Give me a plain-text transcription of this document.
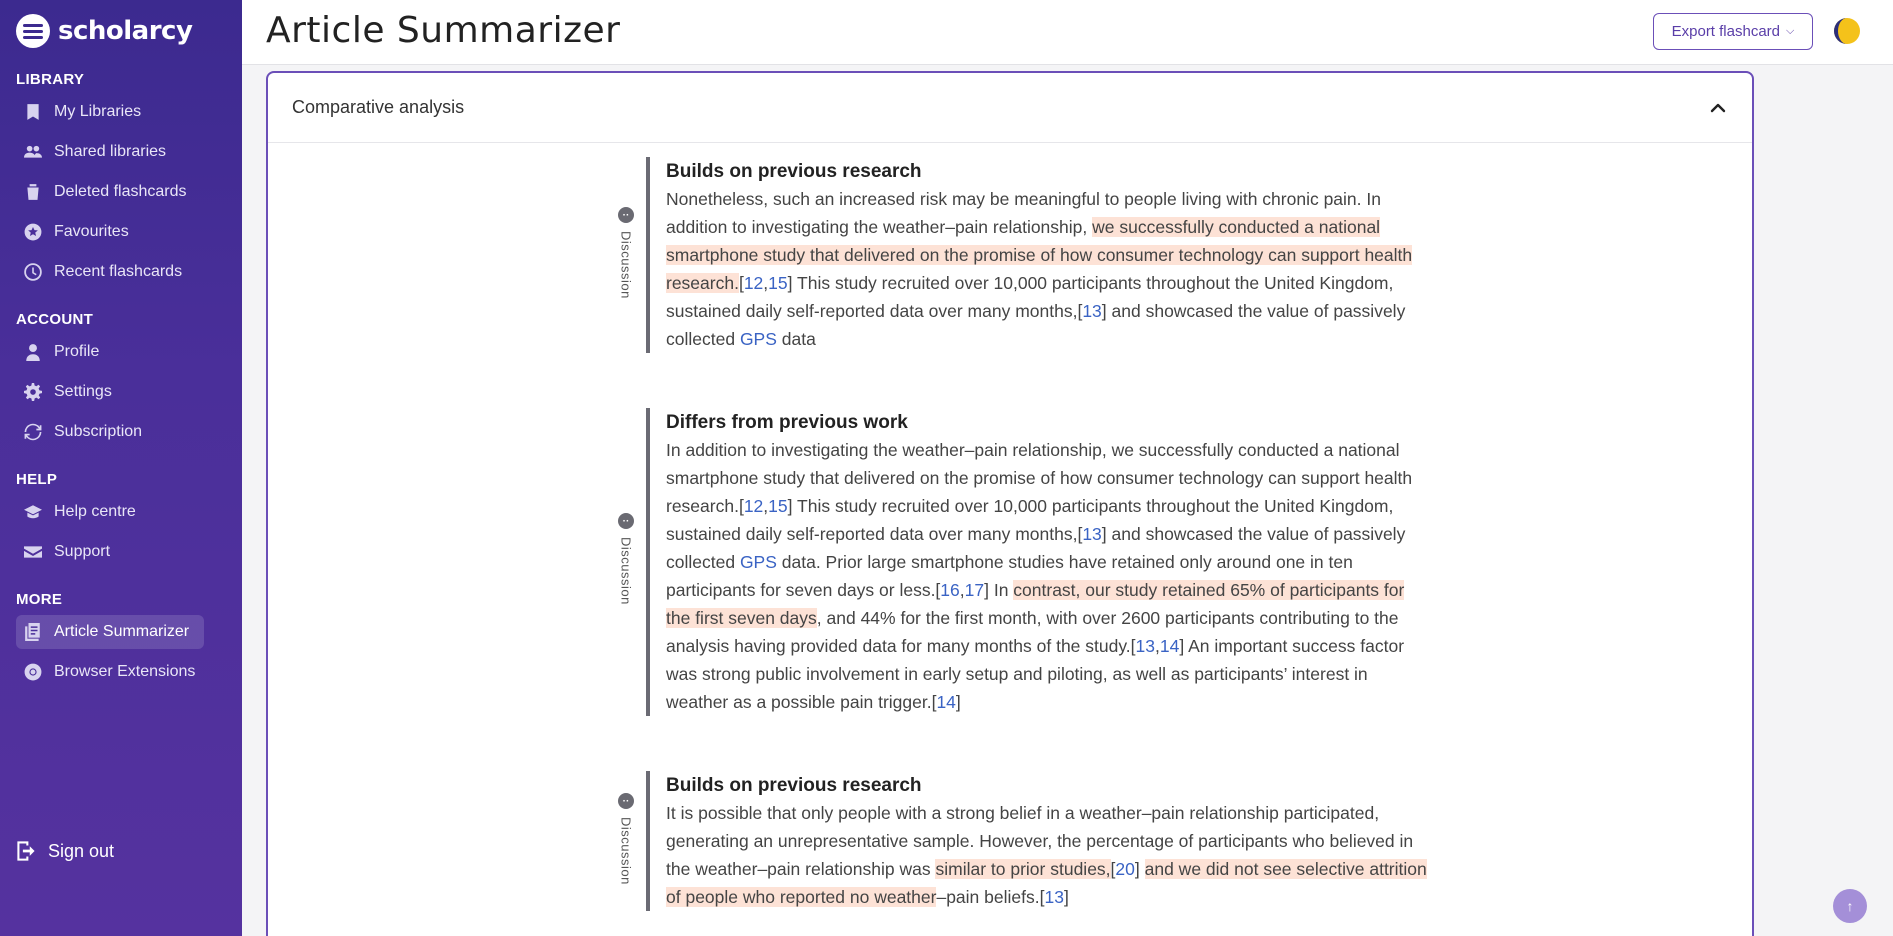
scholarcy
LIBRARY
My Libraries
Shared libraries
Deleted flashcards
Favourites
Recent flashcards
ACCOUNT
Profile
Settings
Subscription
HELP
Help centre
Support
MORE
Article Summarizer
Browser Extensions
Sign out
Article Summarizer	Export flashcard ⌵
Comparative analysis
··
Discussion
Builds on previous research

Nonetheless, such an increased risk may be meaningful to people living with chronic pain. In addition to investigating the weather–pain relationship, we successfully conducted a national smartphone study that delivered on the promise of how consumer technology can support health research.[12,15] This study recruited over 10,000 participants throughout the United Kingdom, sustained daily self-reported data over many months,[13] and showcased the value of passively collected GPS data

··
Discussion
Differs from previous work

In addition to investigating the weather–pain relationship, we successfully conducted a national smartphone study that delivered on the promise of how consumer technology can support health research.[12,15] This study recruited over 10,000 participants throughout the United Kingdom, sustained daily self-reported data over many months,[13] and showcased the value of passively collected GPS data. Prior large smartphone studies have retained only around one in ten participants for seven days or less.[16,17] In contrast, our study retained 65% of participants for the first seven days, and 44% for the first month, with over 2600 participants contributing to the analysis having provided data for many months of the study.[13,14] An important success factor was strong public involvement in early setup and piloting, as well as participants’ interest in weather as a possible pain trigger.[14]

··
Discussion
Builds on previous research

It is possible that only people with a strong belief in a weather–pain relationship participated, generating an unrepresentative sample. However, the percentage of participants who believed in the weather–pain relationship was similar to prior studies,[20] and we did not see selective attrition of people who reported no weather–pain beliefs.[13]	↑
